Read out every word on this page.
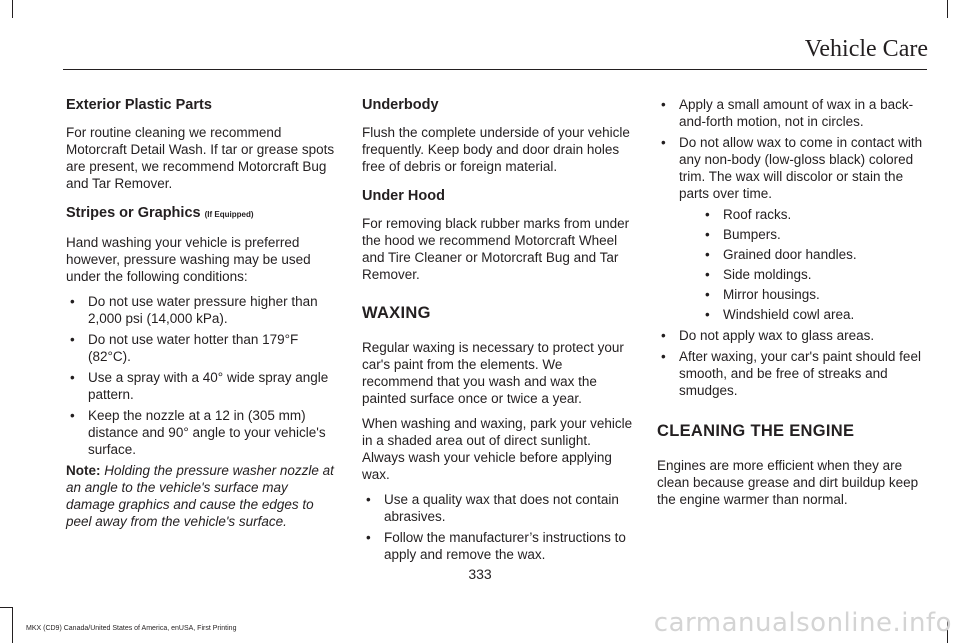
Vehicle Care
Exterior Plastic Parts

For routine cleaning we recommend Motorcraft Detail Wash. If tar or grease spots are present, we recommend Motorcraft Bug and Tar Remover.

Stripes or Graphics (If Equipped)

Hand washing your vehicle is preferred however, pressure washing may be used under the following conditions:

• Do not use water pressure higher than 2,000 psi (14,000 kPa).
• Do not use water hotter than 179°F (82°C).
• Use a spray with a 40° wide spray angle pattern.
• Keep the nozzle at a 12 in (305 mm) distance and 90° angle to your vehicle's surface.

Note: Holding the pressure washer nozzle at an angle to the vehicle's surface may damage graphics and cause the edges to peel away from the vehicle's surface.

Underbody

Flush the complete underside of your vehicle frequently. Keep body and door drain holes free of debris or foreign material.

Under Hood

For removing black rubber marks from under the hood we recommend Motorcraft Wheel and Tire Cleaner or Motorcraft Bug and Tar Remover.

WAXING

Regular waxing is necessary to protect your car's paint from the elements. We recommend that you wash and wax the painted surface once or twice a year.

When washing and waxing, park your vehicle in a shaded area out of direct sunlight. Always wash your vehicle before applying wax.

• Use a quality wax that does not contain abrasives.
• Follow the manufacturer’s instructions to apply and remove the wax.
• Apply a small amount of wax in a back-and-forth motion, not in circles.
• Do not allow wax to come in contact with any non-body (low-gloss black) colored trim. The wax will discolor or stain the parts over time.
• Roof racks.
• Bumpers.
• Grained door handles.
• Side moldings.
• Mirror housings.
• Windshield cowl area.
• Do not apply wax to glass areas.
• After waxing, your car's paint should feel smooth, and be free of streaks and smudges.
CLEANING THE ENGINE

Engines are more efficient when they are clean because grease and dirt buildup keep the engine warmer than normal.

333
MKX (CD9) Canada/United States of America, enUSA, First Printing	carmanualsonline.info
